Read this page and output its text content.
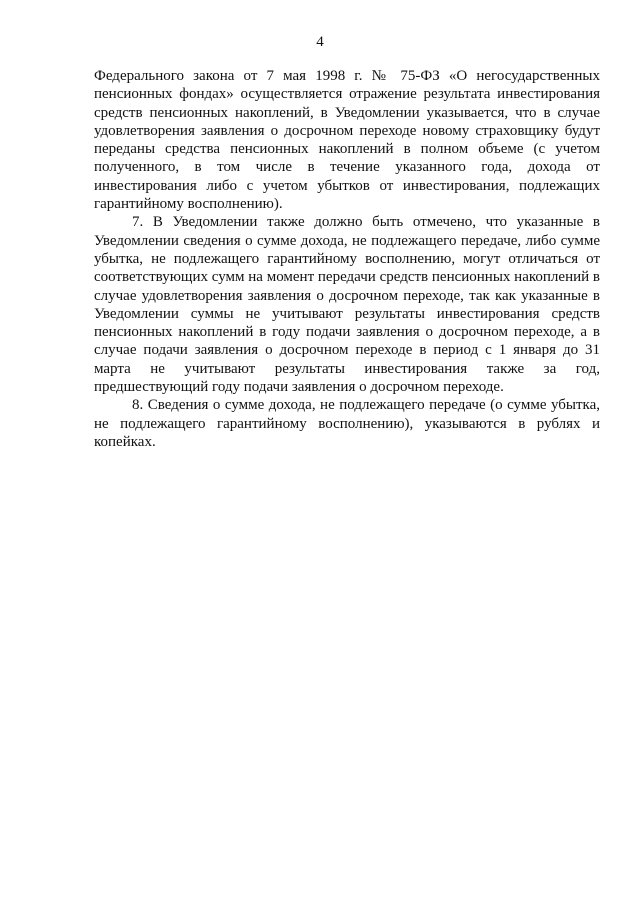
4

Федерального закона от 7 мая 1998 г. № 75-ФЗ «О негосударственных пенсионных фондах» осуществляется отражение результата инвестирования средств пенсионных накоплений, в Уведомлении указывается, что в случае удовлетворения заявления о досрочном переходе новому страховщику будут переданы средства пенсионных накоплений в полном объеме (с учетом полученного, в том числе в течение указанного года, дохода от инвестирования либо с учетом убытков от инвестирования, подлежащих гарантийному восполнению).

7. В Уведомлении также должно быть отмечено, что указанные в Уведомлении сведения о сумме дохода, не подлежащего передаче, либо сумме убытка, не подлежащего гарантийному восполнению, могут отличаться от соответствующих сумм на момент передачи средств пенсионных накоплений в случае удовлетворения заявления о досрочном переходе, так как указанные в Уведомлении суммы не учитывают результаты инвестирования средств пенсионных накоплений в году подачи заявления о досрочном переходе, а в случае подачи заявления о досрочном переходе в период с 1 января до 31 марта не учитывают результаты инвестирования также за год, предшествующий году подачи заявления о досрочном переходе.

8. Сведения о сумме дохода, не подлежащего передаче (о сумме убытка, не подлежащего гарантийному восполнению), указываются в рублях и копейках.
